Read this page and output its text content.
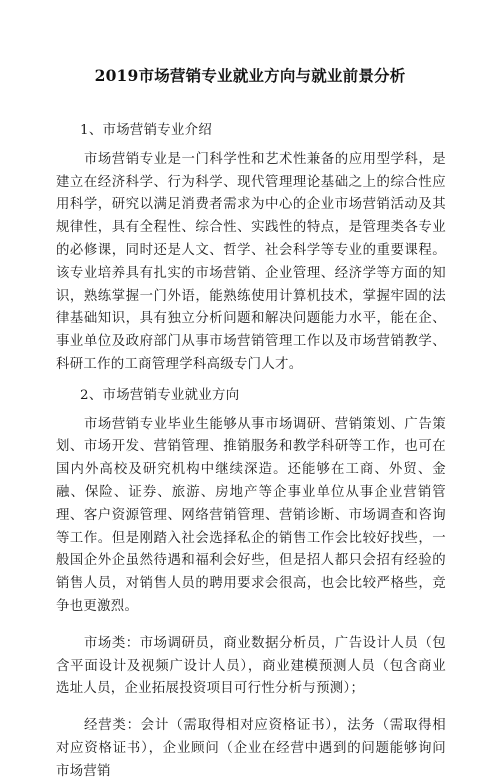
2019市场营销专业就业方向与就业前景分析

1、市场营销专业介绍

市场营销专业是一门科学性和艺术性兼备的应用型学科，是建立在经济科学、行为科学、现代管理理论基础之上的综合性应用科学，研究以满足消费者需求为中心的企业市场营销活动及其规律性，具有全程性、综合性、实践性的特点，是管理类各专业的必修课，同时还是人文、哲学、社会科学等专业的重要课程。该专业培养具有扎实的市场营销、企业管理、经济学等方面的知识，熟练掌握一门外语，能熟练使用计算机技术，掌握牢固的法律基础知识，具有独立分析问题和解决问题能力水平，能在企、事业单位及政府部门从事市场营销管理工作以及市场营销教学、科研工作的工商管理学科高级专门人才。

2、市场营销专业就业方向

市场营销专业毕业生能够从事市场调研、营销策划、广告策划、市场开发、营销管理、推销服务和教学科研等工作，也可在国内外高校及研究机构中继续深造。还能够在工商、外贸、金融、保险、证券、旅游、房地产等企事业单位从事企业营销管理、客户资源管理、网络营销管理、营销诊断、市场调查和咨询等工作。但是刚踏入社会选择私企的销售工作会比较好找些，一般国企外企虽然待遇和福利会好些，但是招人都只会招有经验的销售人员，对销售人员的聘用要求会很高，也会比较严格些，竞争也更激烈。

市场类：市场调研员，商业数据分析员，广告设计人员（包含平面设计及视频广设计人员），商业建模预测人员（包含商业选址人员，企业拓展投资项目可行性分析与预测）；

经营类：会计（需取得相对应资格证书），法务（需取得相对应资格证书），企业顾问（企业在经营中遇到的问题能够询问市场营销
